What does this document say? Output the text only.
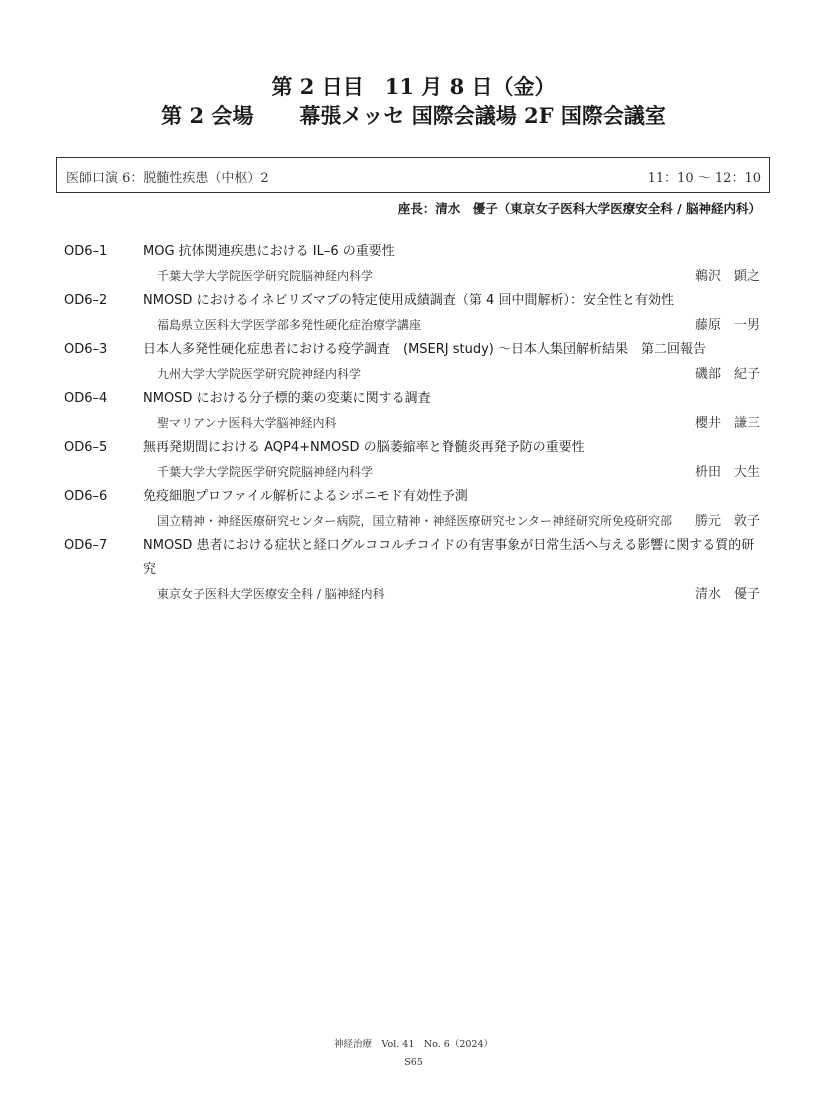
第 2 日目　11 月 8 日（金）
第 2 会場 幕張メッセ 国際会議場 2F 国際会議室
医師口演 6：脱髄性疾患（中枢）2	11：10 〜 12：10
座長：清水　優子（東京女子医科大学医療安全科 / 脳神経内科）
OD6–1	MOG 抗体関連疾患における IL–6 の重要性
千葉大学大学院医学研究院脳神経内科学	鵜沢　顕之
OD6–2	NMOSD におけるイネビリズマブの特定使用成績調査（第 4 回中間解析）：安全性と有効性
福島県立医科大学医学部多発性硬化症治療学講座	藤原　一男
OD6–3	日本人多発性硬化症患者における疫学調査　(MSERJ study) 〜日本人集団解析結果　第二回報告
九州大学大学院医学研究院神経内科学	磯部　紀子
OD6–4	NMOSD における分子標的薬の変薬に関する調査
聖マリアンナ医科大学脳神経内科	櫻井　謙三
OD6–5	無再発期間における AQP4+NMOSD の脳萎縮率と脊髄炎再発予防の重要性
千葉大学大学院医学研究院脳神経内科学	枡田　大生
OD6–6	免疫細胞プロファイル解析によるシポニモド有効性予測
国立精神・神経医療研究センター病院，国立精神・神経医療研究センター神経研究所免疫研究部 勝元　敦子
OD6–7	NMOSD 患者における症状と経口グルココルチコイドの有害事象が日常生活へ与える影響に関する質的研究
東京女子医科大学医療安全科 / 脳神経内科	清水　優子
神経治療　Vol. 41　No. 6（2024）
S65
